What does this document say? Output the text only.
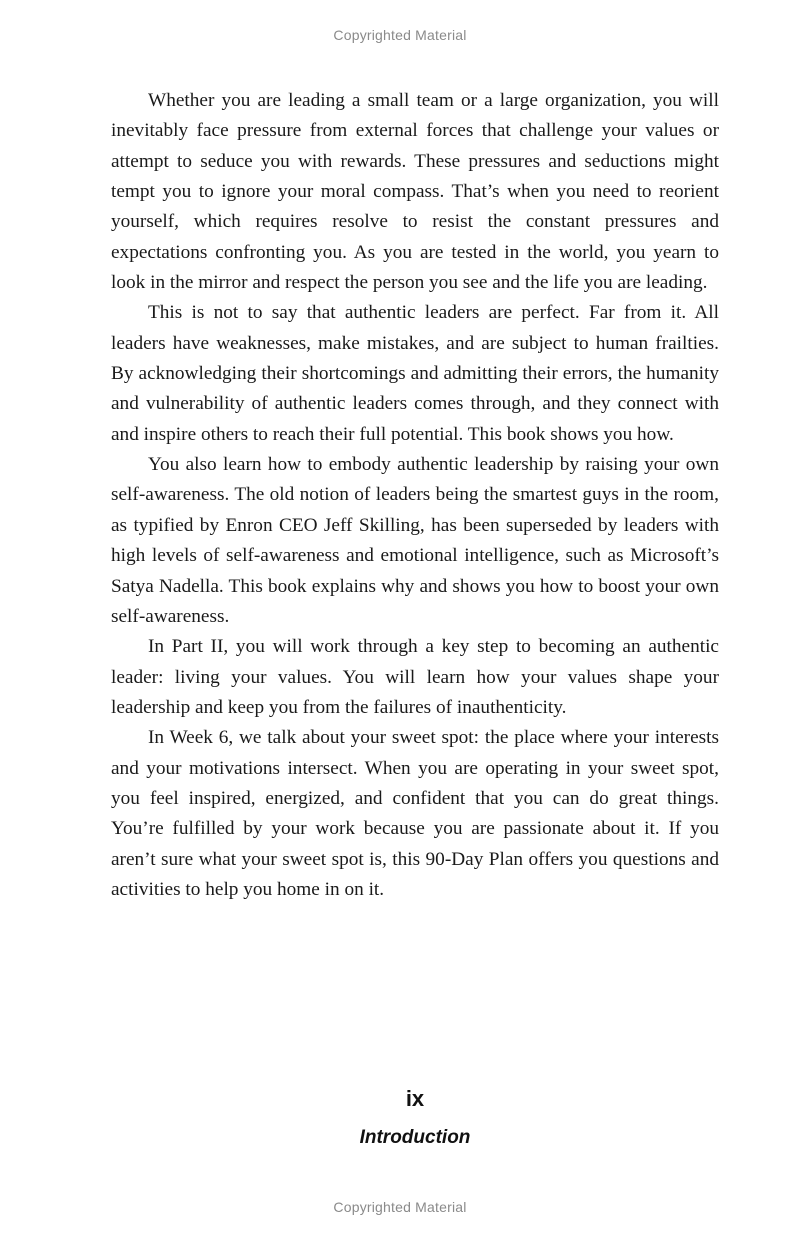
Copyrighted Material

Whether you are leading a small team or a large organization, you will inevitably face pressure from external forces that challenge your values or attempt to seduce you with rewards. These pressures and seductions might tempt you to ignore your moral compass. That’s when you need to reorient yourself, which requires resolve to resist the constant pressures and expectations confronting you. As you are tested in the world, you yearn to look in the mirror and respect the person you see and the life you are leading.

This is not to say that authentic leaders are perfect. Far from it. All leaders have weaknesses, make mistakes, and are subject to human frailties. By acknowledging their shortcomings and admitting their errors, the humanity and vulnerability of authentic leaders comes through, and they connect with and inspire others to reach their full potential. This book shows you how.

You also learn how to embody authentic leadership by raising your own self-awareness. The old notion of leaders being the smartest guys in the room, as typified by Enron CEO Jeff Skilling, has been superseded by leaders with high levels of self-awareness and emotional intelligence, such as Microsoft’s Satya Nadella. This book explains why and shows you how to boost your own self-awareness.

In Part II, you will work through a key step to becoming an authentic leader: living your values. You will learn how your values shape your leadership and keep you from the failures of inauthenticity.

In Week 6, we talk about your sweet spot: the place where your interests and your motivations intersect. When you are operating in your sweet spot, you feel inspired, energized, and confident that you can do great things. You’re fulfilled by your work because you are passionate about it. If you aren’t sure what your sweet spot is, this 90-Day Plan offers you questions and activities to help you home in on it.

ix
Introduction
Copyrighted Material
